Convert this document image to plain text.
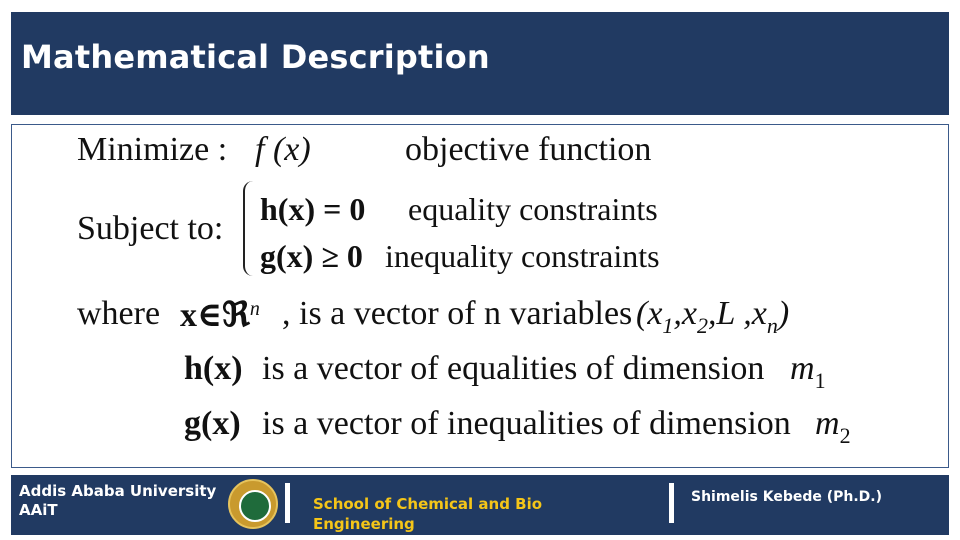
Mathematical Description
Minimize : f (x)	objective function
Subject to:
h(x) = 0 equality constraints
g(x) ≥ 0 inequality constraints
where x∈ℜ$^n$ , is a vector of n variables ($x_1,x_2,L$ $,x_n$)
h(x) is a vector of equalities of dimension $m_1$
g(x) is a vector of inequalities of dimension $m_2$
Addis Ababa University
AAiT	School of Chemical and Bio Engineering
Shimelis Kebede (Ph.D.)
